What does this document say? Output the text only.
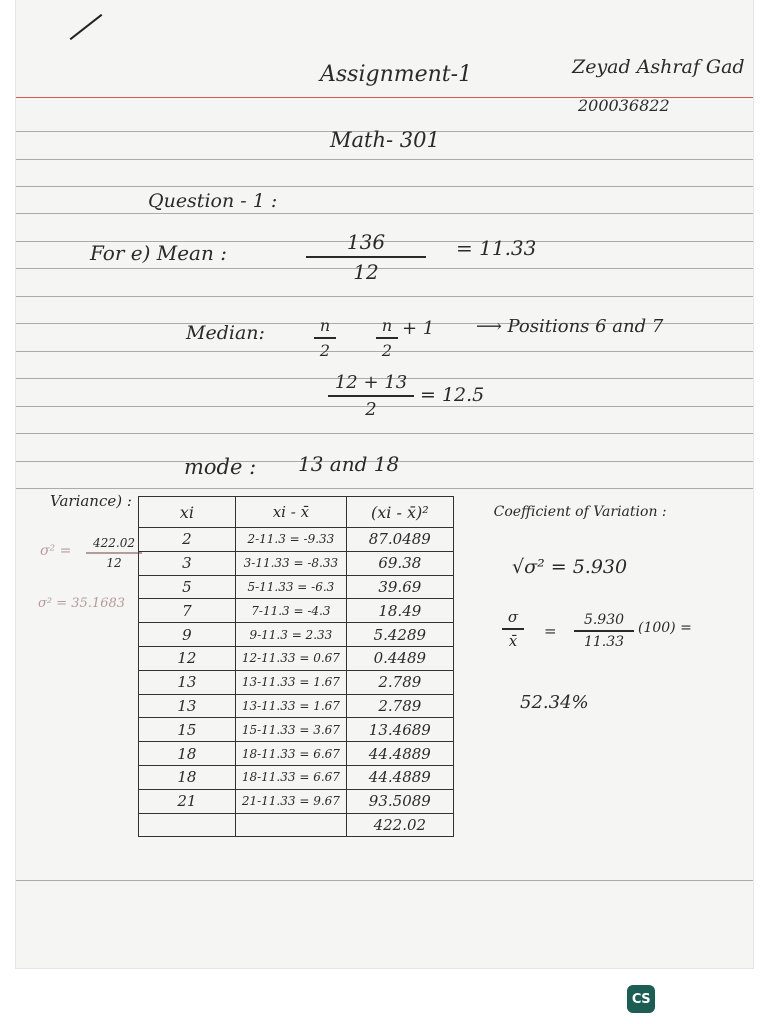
Assignment-1	Zeyad Ashraf Gad
200036822
Math- 301
Question - 1 :
For e) Mean :	136
12
= 11.33
Median:	n
2
n
2
+ 1 ⟶ Positions 6 and 7
12 + 13
2
= 12.5
mode : 13 and 18
Variance) :
σ² =	422.02
12
σ² = 35.1683
xi	xi - x̄	(xi - x̄)²	Coefficient of Variation :
2	2-11.3 = -9.33	87.0489	
3	3-11.33 = -8.33	69.38	
5	5-11.33 = -6.3	39.69	
7	7-11.3 = -4.3	18.49	
9	9-11.3 = 2.33	5.4289	
12	12-11.33 = 0.67	0.4489	
13	13-11.33 = 1.67	2.789	
13	13-11.33 = 1.67	2.789	
15	15-11.33 = 3.67	13.4689	
18	18-11.33 = 6.67	44.4889	
18	18-11.33 = 6.67	44.4889	
21	21-11.33 = 9.67	93.5089	
		422.02	
√σ² = 5.930
σ
x̄
=
5.930
11.33
(100) =
52.34%
CS
